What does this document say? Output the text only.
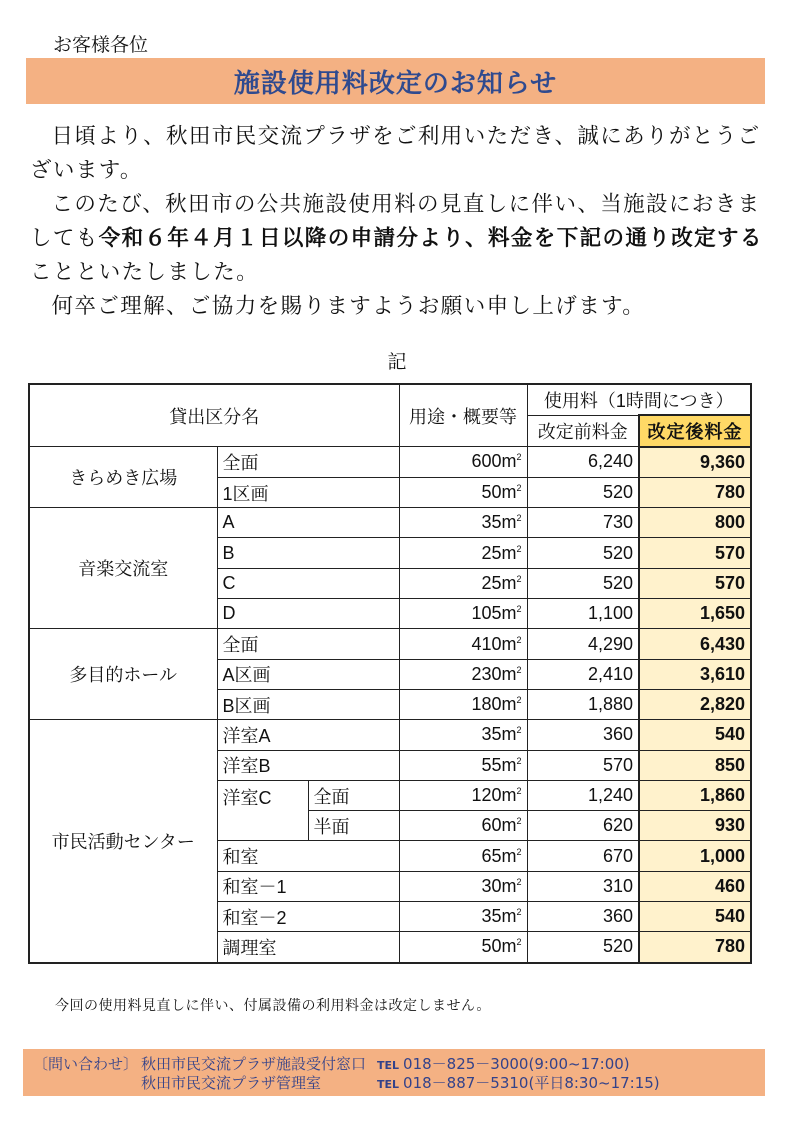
お客様各位
施設使用料改定のお知らせ

日頃より、秋田市民交流プラザをご利用いただき、誠にありがとうございます。

このたび、秋田市の公共施設使用料の見直しに伴い、当施設におきましても令和６年４月１日以降の申請分より、料金を下記の通り改定することといたしました。

何卒ご理解、ご協力を賜りますようお願い申し上げます。

記
貸出区分名			用途・概要等	使用料（1時間につき）	
				改定前料金	改定後料金
きらめき広場	全面		$600m^2$	6,240	9,360
	1区画		$50m^2$	520	780
音楽交流室	A		$35m^2$	730	800
	B		$25m^2$	520	570
	C		$25m^2$	520	570
	D		$105m^2$	1,100	1,650
多目的ホール	全面		$410m^2$	4,290	6,430
	A区画		$230m^2$	2,410	3,610
	B区画		$180m^2$	1,880	2,820
市民活動センター	洋室A		$35m^2$	360	540
	洋室B		$55m^2$	570	850
	洋室C	全面	$120m^2$	1,240	1,860
		半面	$60m^2$	620	930
	和室		$65m^2$	670	1,000
	和室－1		$30m^2$	310	460
	和室－2		$35m^2$	360	540
	調理室		$50m^2$	520	780
今回の使用料見直しに伴い、付属設備の利用料金は改定しません。
〔問い合わせ〕 秋田市民交流プラザ施設受付窓口 TEL 018－825－3000(9:00~17:00)
秋田市民交流プラザ管理室	TEL 018－887－5310(平日8:30~17:15)
